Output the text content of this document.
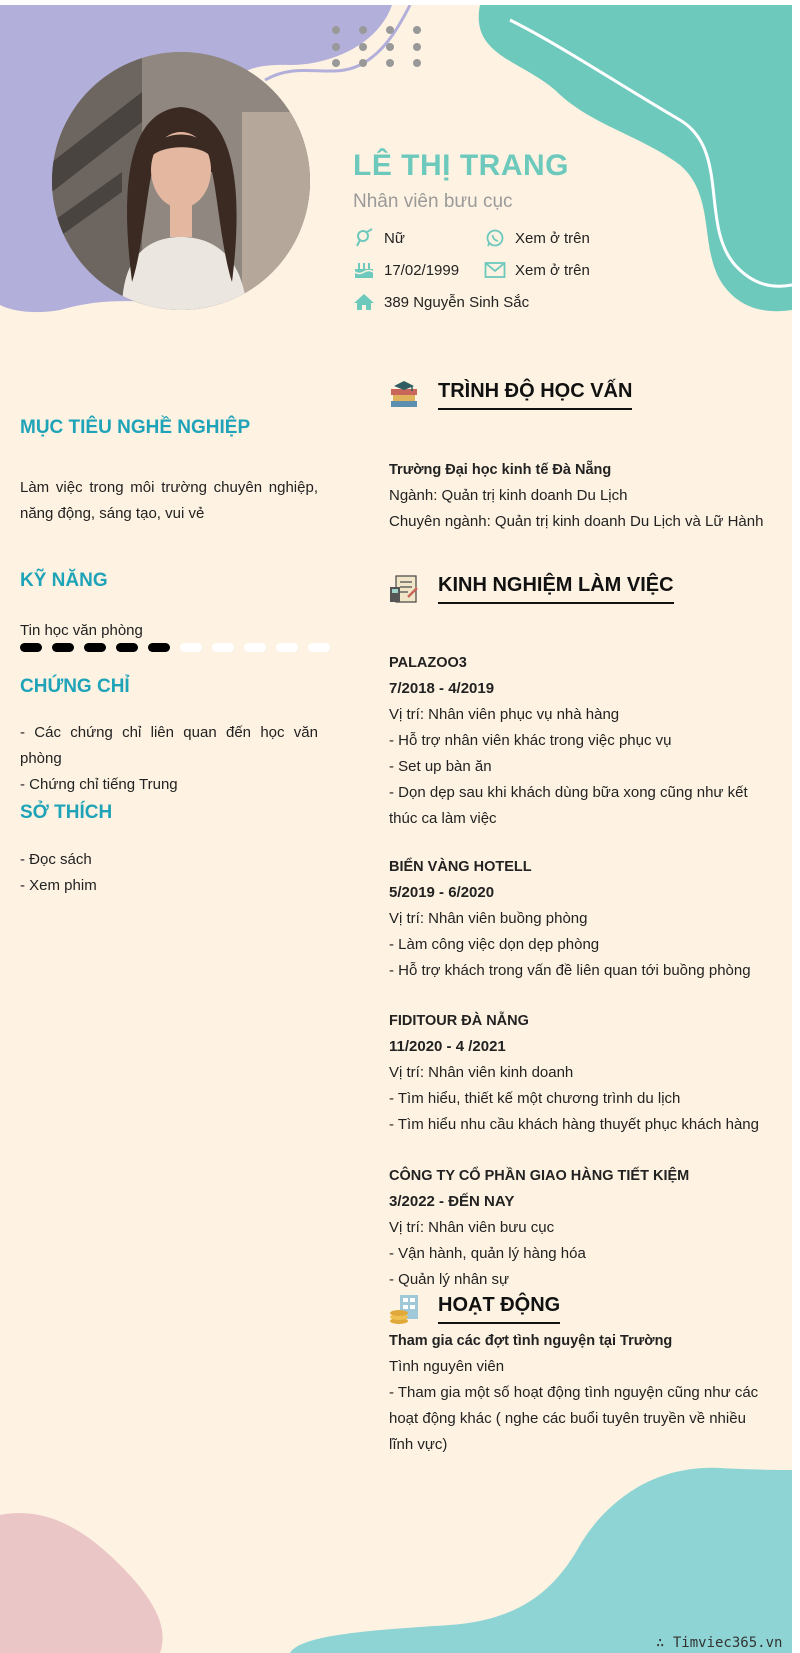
LÊ THỊ TRANG
Nhân viên bưu cục
Nữ	Xem ở trên
17/02/1999	Xem ở trên
389 Nguyễn Sinh Sắc
MỤC TIÊU NGHỀ NGHIỆP
Làm việc trong môi trường chuyên nghiệp, năng động, sáng tạo, vui vẻ
KỸ NĂNG
Tin học văn phòng
CHỨNG CHỈ
- Các chứng chỉ liên quan đến học văn phòng
- Chứng chỉ tiếng Trung
SỞ THÍCH
- Đọc sách
- Xem phim
TRÌNH ĐỘ HỌC VẤN
Trường Đại học kinh tế Đà Nẵng
Ngành: Quản trị kinh doanh Du Lịch
Chuyên ngành: Quản trị kinh doanh Du Lịch và Lữ Hành
KINH NGHIỆM LÀM VIỆC
PALAZOO3
7/2018 - 4/2019
Vị trí: Nhân viên phục vụ nhà hàng
- Hỗ trợ nhân viên khác trong việc phục vụ
- Set up bàn ăn
- Dọn dẹp sau khi khách dùng bữa xong cũng như kết thúc ca làm việc
BIỂN VÀNG HOTELL
5/2019 - 6/2020
Vị trí: Nhân viên buồng phòng
- Làm công việc dọn dẹp phòng
- Hỗ trợ khách trong vấn đề liên quan tới buồng phòng
FIDITOUR ĐÀ NẴNG
11/2020 - 4 /2021
Vị trí: Nhân viên kinh doanh
- Tìm hiểu, thiết kế một chương trình du lịch
- Tìm hiểu nhu cầu khách hàng thuyết phục khách hàng
CÔNG TY CỔ PHẦN GIAO HÀNG TIẾT KIỆM
3/2022 - ĐẾN NAY
Vị trí: Nhân viên bưu cục
- Vận hành, quản lý hàng hóa
- Quản lý nhân sự
HOẠT ĐỘNG
Tham gia các đợt tình nguyện tại Trường
Tình nguyên viên
- Tham gia một số hoạt động tình nguyện cũng như các hoạt động khác ( nghe các buổi tuyên truyền về nhiều lĩnh vực)
∴ Timviec365.vn
